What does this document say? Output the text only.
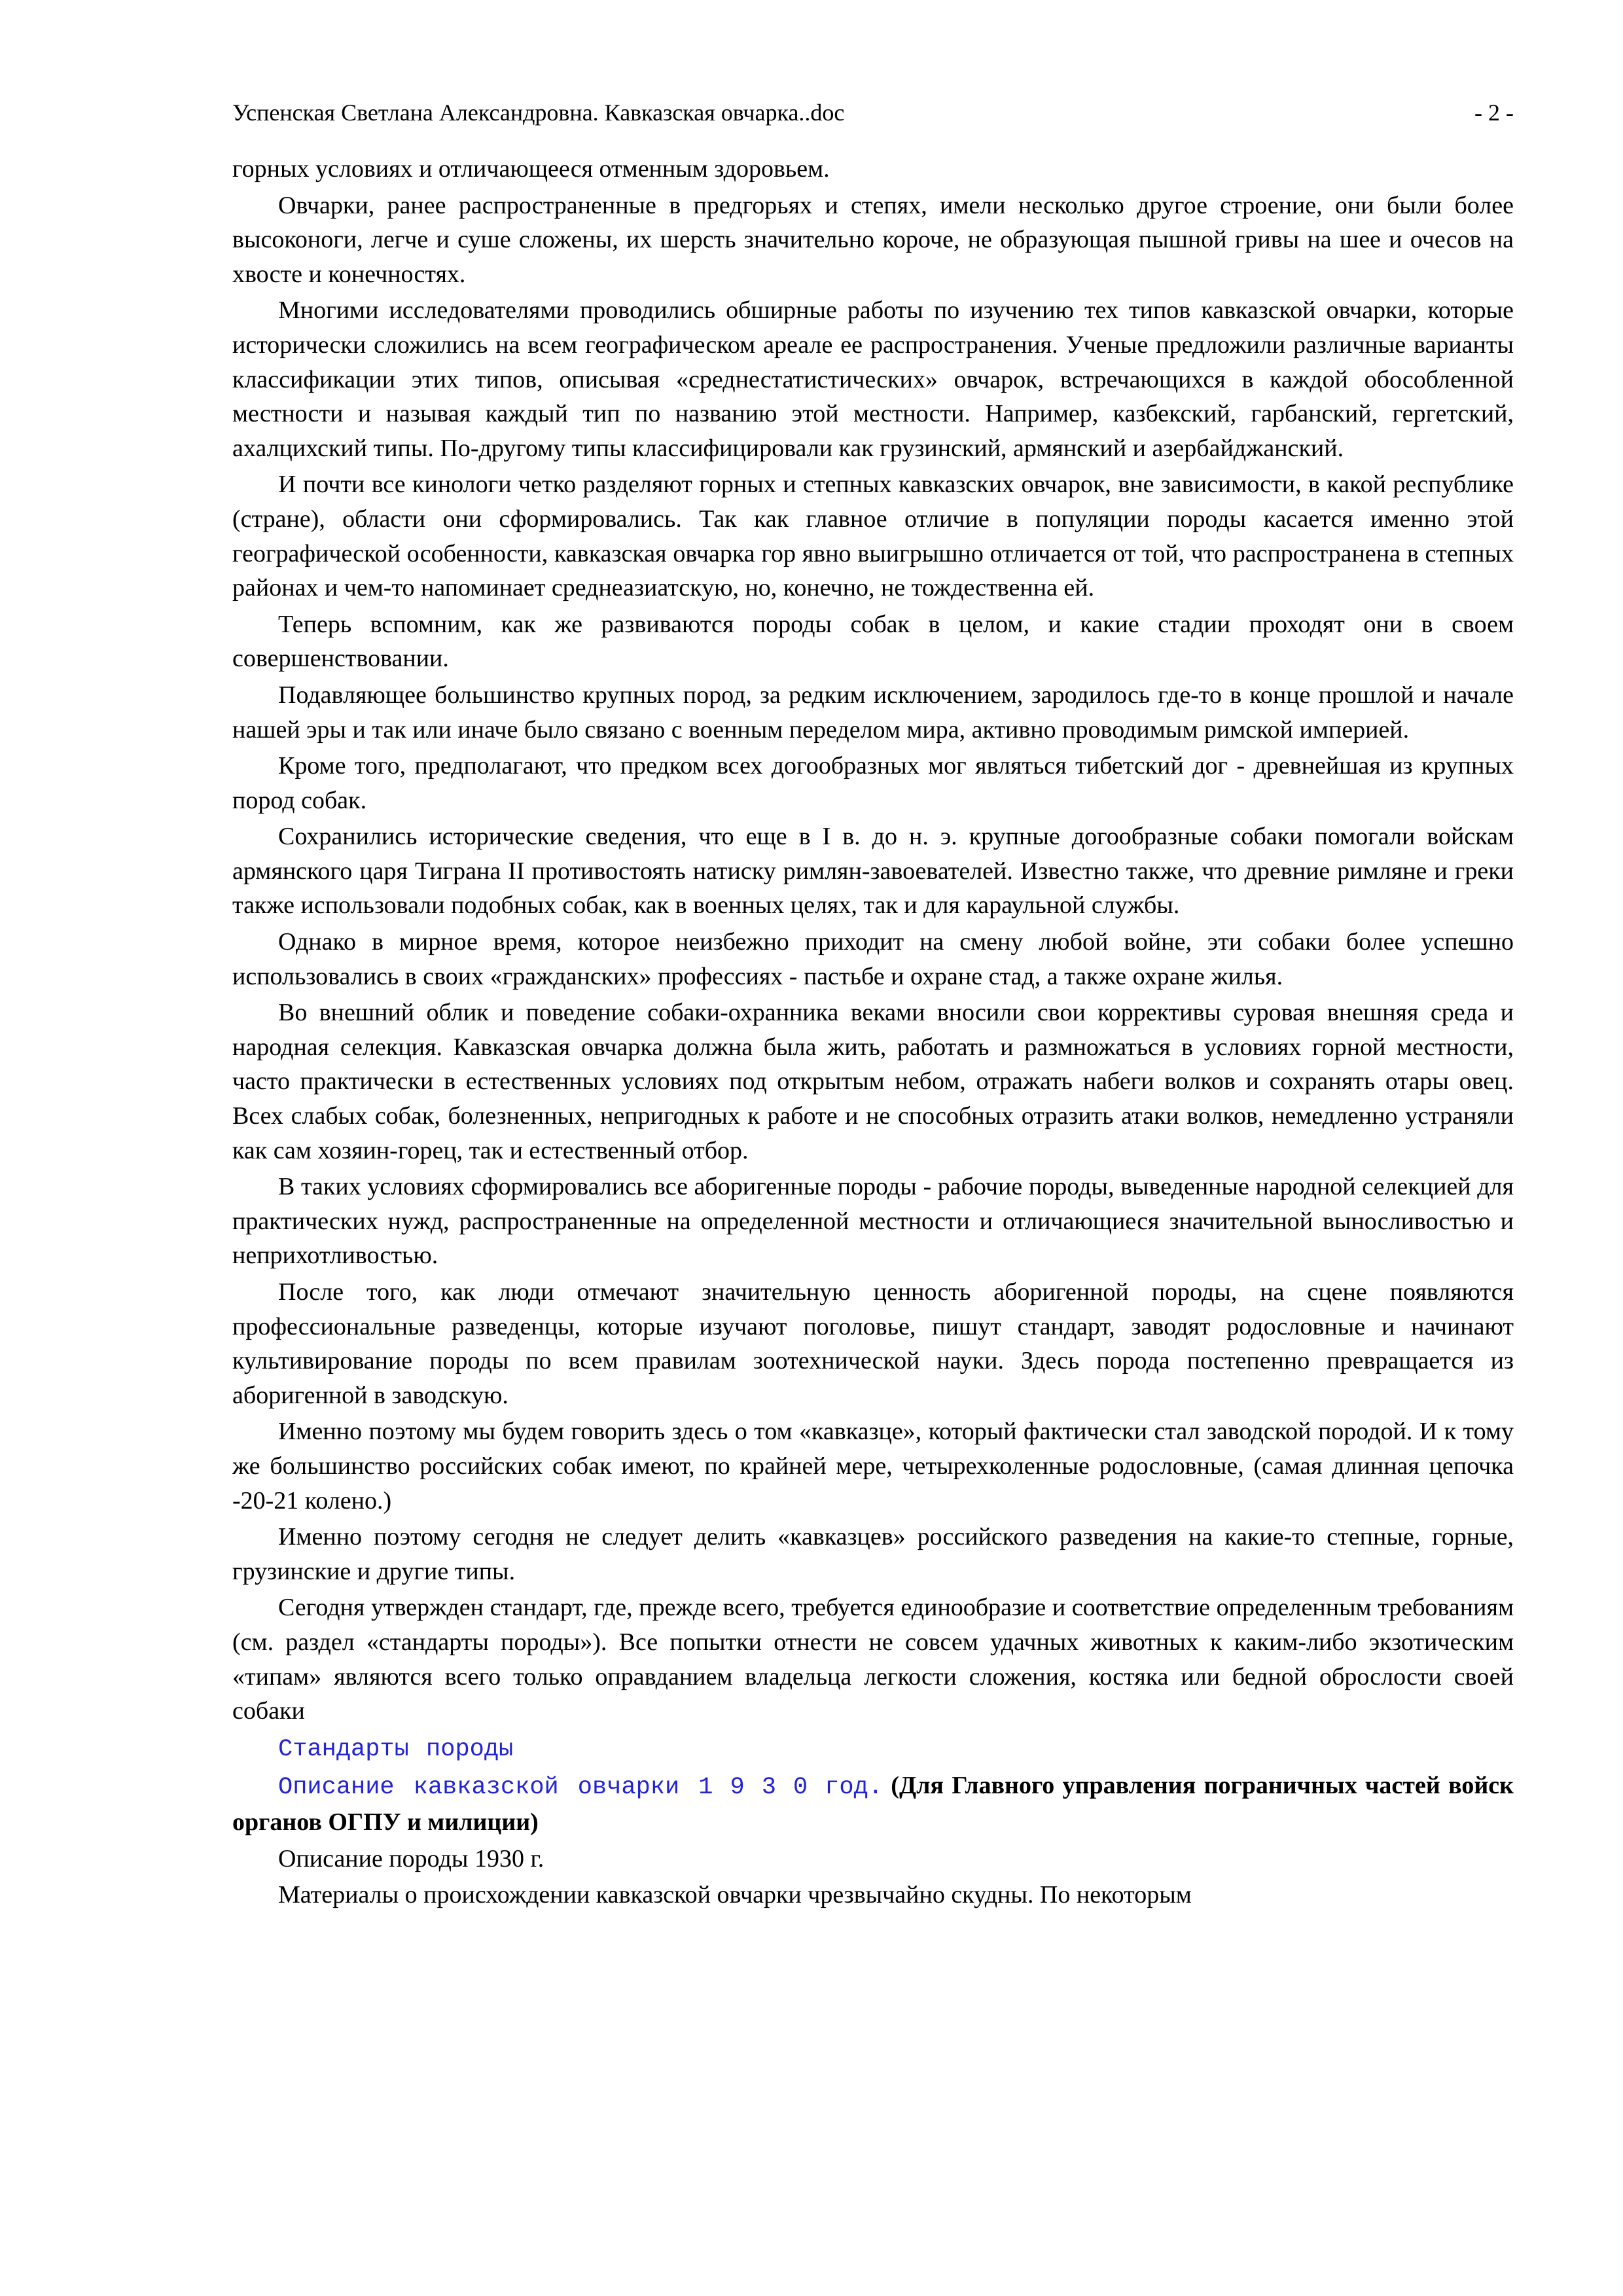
Успенская Светлана Александровна. Кавказская овчарка..doc	- 2 -

горных условиях и отличающееся отменным здоровьем.

Овчарки, ранее распространенные в предгорьях и степях, имели несколько другое строение, они были более высоконоги, легче и суше сложены, их шерсть значительно короче, не образующая пышной гривы на шее и очесов на хвосте и конечностях.

Многими исследователями проводились обширные работы по изучению тех типов кавказской овчарки, которые исторически сложились на всем географическом ареале ее распространения. Ученые предложили различные варианты классификации этих типов, описывая «среднестатистических» овчарок, встречающихся в каждой обособленной местности и называя каждый тип по названию этой местности. Например, казбекский, гарбанский, гергетский, ахалцихский типы. По-другому типы классифицировали как грузинский, армянский и азербайджанский.

И почти все кинологи четко разделяют горных и степных кавказских овчарок, вне зависимости, в какой республике (стране), области они сформировались. Так как главное отличие в популяции породы касается именно этой географической особенности, кавказская овчарка гор явно выигрышно отличается от той, что распространена в степных районах и чем-то напоминает среднеазиатскую, но, конечно, не тождественна ей.

Теперь вспомним, как же развиваются породы собак в целом, и какие стадии проходят они в своем совершенствовании.

Подавляющее большинство крупных пород, за редким исключением, зародилось где-то в конце прошлой и начале нашей эры и так или иначе было связано с военным переделом мира, активно проводимым римской империей.

Кроме того, предполагают, что предком всех догообразных мог являться тибетский дог - древнейшая из крупных пород собак.

Сохранились исторические сведения, что еще в I в. до н. э. крупные догообразные собаки помогали войскам армянского царя Тиграна II противостоять натиску римлян-завоевателей. Известно также, что древние римляне и греки также использовали подобных собак, как в военных целях, так и для караульной службы.

Однако в мирное время, которое неизбежно приходит на смену любой войне, эти собаки более успешно использовались в своих «гражданских» профессиях - пастьбе и охране стад, а также охране жилья.

Во внешний облик и поведение собаки-охранника веками вносили свои коррективы суровая внешняя среда и народная селекция. Кавказская овчарка должна была жить, работать и размножаться в условиях горной местности, часто практически в естественных условиях под открытым небом, отражать набеги волков и сохранять отары овец. Всех слабых собак, болезненных, непригодных к работе и не способных отразить атаки волков, немедленно устраняли как сам хозяин-горец, так и естественный отбор.

В таких условиях сформировались все аборигенные породы - рабочие породы, выведенные народной селекцией для практических нужд, распространенные на определенной местности и отличающиеся значительной выносливостью и неприхотливостью.

После того, как люди отмечают значительную ценность аборигенной породы, на сцене появляются профессиональные разведенцы, которые изучают поголовье, пишут стандарт, заводят родословные и начинают культивирование породы по всем правилам зоотехнической науки. Здесь порода постепенно превращается из аборигенной в заводскую.

Именно поэтому мы будем говорить здесь о том «кавказце», который фактически стал заводской породой. И к тому же большинство российских собак имеют, по крайней мере, четырехколенные родословные, (самая длинная цепочка -20-21 колено.)

Именно поэтому сегодня не следует делить «кавказцев» российского разведения на какие-то степные, горные, грузинские и другие типы.

Сегодня утвержден стандарт, где, прежде всего, требуется единообразие и соответствие определенным требованиям (см. раздел «стандарты породы»). Все попытки отнести не совсем удачных животных к каким-либо экзотическим «типам» являются всего только оправданием владельца легкости сложения, костяка или бедной оброслости своей собаки

Стандарты породы

Описание кавказской овчарки 1930год. (Для Главного управления пограничных частей войск органов ОГПУ и милиции)

Описание породы 1930 г.

Материалы о происхождении кавказской овчарки чрезвычайно скудны. По некоторым
